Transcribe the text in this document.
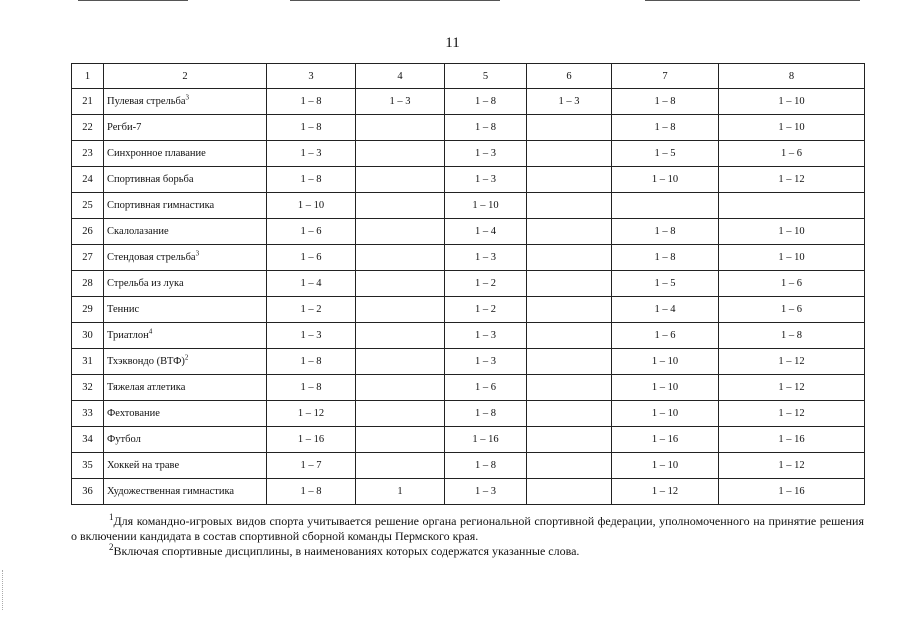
11
1	2	3	4	5	6	7	8
21	Пулевая стрельба$^3$	1 – 8	1 – 3	1 – 8	1 – 3	1 – 8	1 – 10
22	Регби-7	1 – 8		1 – 8		1 – 8	1 – 10
23	Синхронное плавание	1 – 3		1 – 3		1 – 5	1 – 6
24	Спортивная борьба	1 – 8		1 – 3		1 – 10	1 – 12
25	Спортивная гимнастика	1 – 10		1 – 10			
26	Скалолазание	1 – 6		1 – 4		1 – 8	1 – 10
27	Стендовая стрельба$^3$	1 – 6		1 – 3		1 – 8	1 – 10
28	Стрельба из лука	1 – 4		1 – 2		1 – 5	1 – 6
29	Теннис	1 – 2		1 – 2		1 – 4	1 – 6
30	Триатлон$^4$	1 – 3		1 – 3		1 – 6	1 – 8
31	Тхэквондо (ВТФ)$^2$	1 – 8		1 – 3		1 – 10	1 – 12
32	Тяжелая атлетика	1 – 8		1 – 6		1 – 10	1 – 12
33	Фехтование	1 – 12		1 – 8		1 – 10	1 – 12
34	Футбол	1 – 16		1 – 16		1 – 16	1 – 16
35	Хоккей на траве	1 – 7		1 – 8		1 – 10	1 – 12
36	Художественная гимнастика	1 – 8	1	1 – 3		1 – 12	1 – 16

$^1$Для командно-игровых видов спорта учитывается решение органа региональной спортивной федерации, уполномоченного на принятие решения о включении кандидата в состав спортивной сборной команды Пермского края.

$^2$Включая спортивные дисциплины, в наименованиях которых содержатся указанные слова.
